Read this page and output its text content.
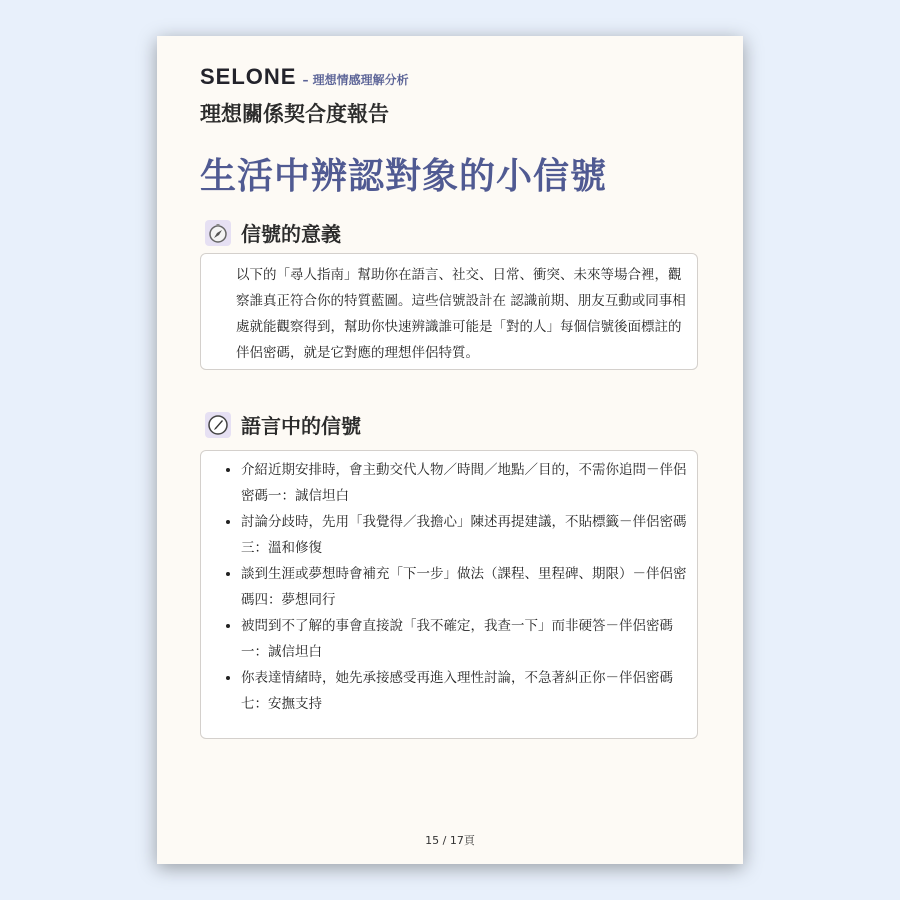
SELONE – 理想情感理解分析
理想關係契合度報告
生活中辨認對象的小信號
信號的意義
以下的「尋人指南」幫助你在語言、社交、日常、衝突、未來等場合裡，觀察誰真正符合你的特質藍圖。這些信號設計在 認識前期、朋友互動或同事相處就能觀察得到，幫助你快速辨識誰可能是「對的人」每個信號後面標註的 伴侶密碼，就是它對應的理想伴侶特質。
語言中的信號
• 介紹近期安排時，會主動交代人物／時間／地點／目的，不需你追問－伴侶密碼一：誠信坦白
• 討論分歧時，先用「我覺得／我擔心」陳述再提建議，不貼標籤－伴侶密碼三：溫和修復
• 談到生涯或夢想時會補充「下一步」做法（課程、里程碑、期限）－伴侶密碼四：夢想同行
• 被問到不了解的事會直接說「我不確定，我查一下」而非硬答－伴侶密碼一：誠信坦白
• 你表達情緒時，她先承接感受再進入理性討論，不急著糾正你－伴侶密碼七：安撫支持
15 / 17頁
